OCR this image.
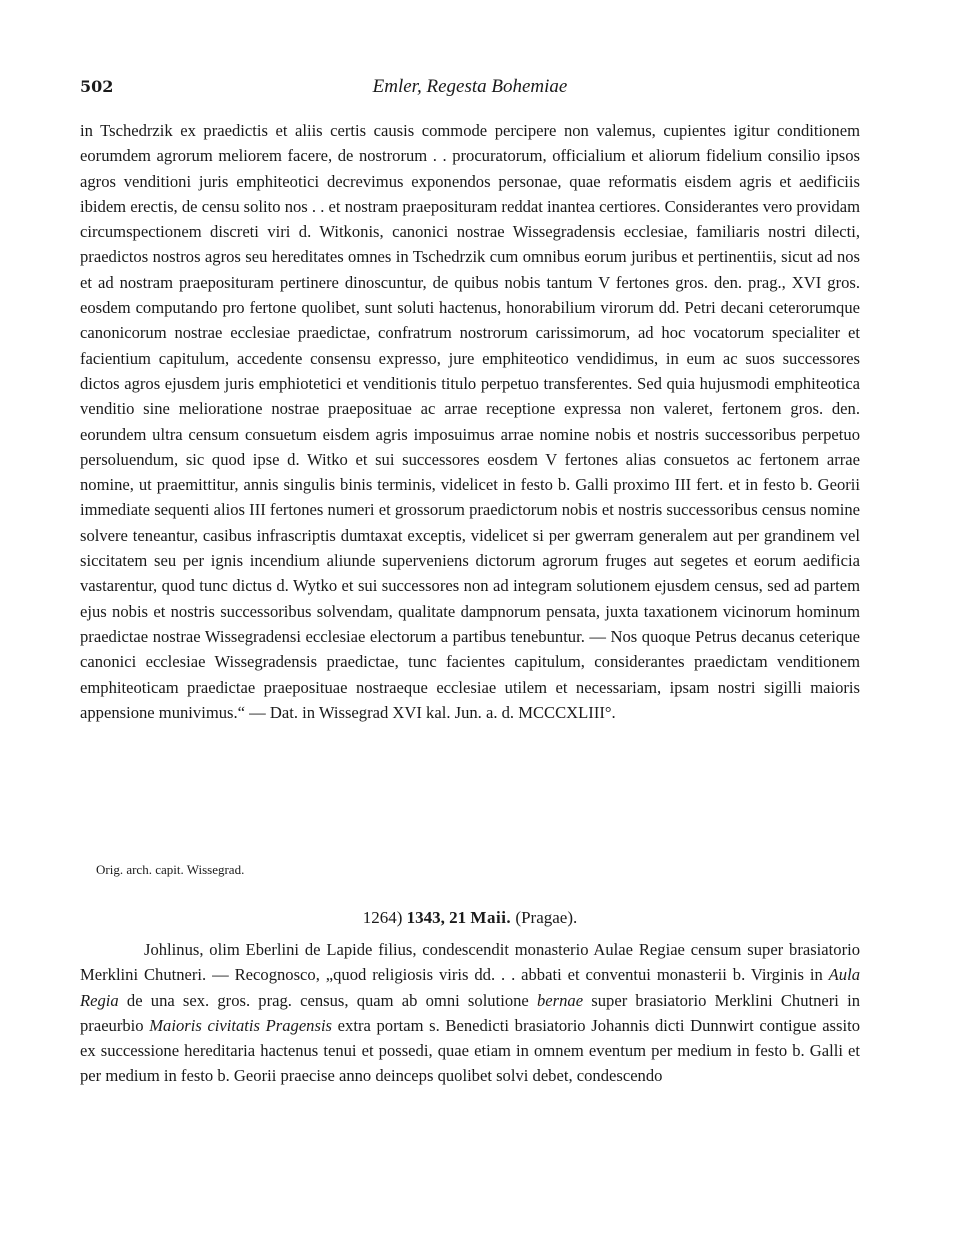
502	Emler, Regesta Bohemiae

in Tschedrzik ex praedictis et aliis certis causis commode percipere non valemus, cupientes igitur conditionem eorumdem agrorum meliorem facere, de nostrorum . . procuratorum, officialium et aliorum fidelium consilio ipsos agros venditioni juris emphiteotici decrevimus exponendos personae, quae reformatis eisdem agris et aedificiis ibidem erectis, de censu solito nos . . et nostram praeposituram reddat inantea certiores. Considerantes vero providam circumspectionem discreti viri d. Witkonis, canonici nostrae Wissegradensis ecclesiae, familiaris nostri dilecti, praedictos nostros agros seu hereditates omnes in Tschedrzik cum omnibus eorum juribus et pertinentiis, sicut ad nos et ad nostram praeposituram pertinere dinoscuntur, de quibus nobis tantum V fertones gros. den. prag., XVI gros. eosdem computando pro fertone quolibet, sunt soluti hactenus, honorabilium virorum dd. Petri decani ceterorumque canonicorum nostrae ecclesiae praedictae, confratrum nostrorum carissimorum, ad hoc vocatorum specialiter et facientium capitulum, accedente consensu expresso, jure emphiteotico vendidimus, in eum ac suos successores dictos agros ejusdem juris emphiotetici et venditionis titulo perpetuo transferentes. Sed quia hujusmodi emphiteotica venditio sine melioratione nostrae praeposituae ac arrae receptione expressa non valeret, fertonem gros. den. eorundem ultra censum consuetum eisdem agris imposuimus arrae nomine nobis et nostris successoribus perpetuo persoluendum, sic quod ipse d. Witko et sui successores eosdem V fertones alias consuetos ac fertonem arrae nomine, ut praemittitur, annis singulis binis terminis, videlicet in festo b. Galli proximo III fert. et in festo b. Georii immediate sequenti alios III fertones numeri et grossorum praedictorum nobis et nostris successoribus census nomine solvere teneantur, casibus infrascriptis dumtaxat exceptis, videlicet si per gwerram generalem aut per grandinem vel siccitatem seu per ignis incendium aliunde superveniens dictorum agrorum fruges aut segetes et eorum aedificia vastarentur, quod tunc dictus d. Wytko et sui successores non ad integram solutionem ejusdem census, sed ad partem ejus nobis et nostris successoribus solvendam, qualitate dampnorum pensata, juxta taxationem vicinorum hominum praedictae nostrae Wissegradensi ecclesiae electorum a partibus tenebuntur. — Nos quoque Petrus decanus ceterique canonici ecclesiae Wissegradensis praedictae, tunc facientes capitulum, considerantes praedictam venditionem emphiteoticam praedictae praeposituae nostraeque ecclesiae utilem et necessariam, ipsam nostri sigilli maioris appensione munivimus.“ — Dat. in Wissegrad XVI kal. Jun. a. d. MCCCXLIII°.

Orig. arch. capit. Wissegrad.
1264) 1343, 21 Maii. (Pragae).

Johlinus, olim Eberlini de Lapide filius, condescendit monasterio Aulae Regiae censum super brasiatorio Merklini Chutneri. — Recognosco, „quod religiosis viris dd. . . abbati et conventui monasterii b. Virginis in Aula Regia de una sex. gros. prag. census, quam ab omni solutione bernae super brasiatorio Merklini Chutneri in praeurbio Maioris civitatis Pragensis extra portam s. Benedicti brasiatorio Johannis dicti Dunnwirt contigue assito ex successione hereditaria hactenus tenui et possedi, quae etiam in omnem eventum per medium in festo b. Galli et per medium in festo b. Georii praecise anno deinceps quolibet solvi debet, condescendo
